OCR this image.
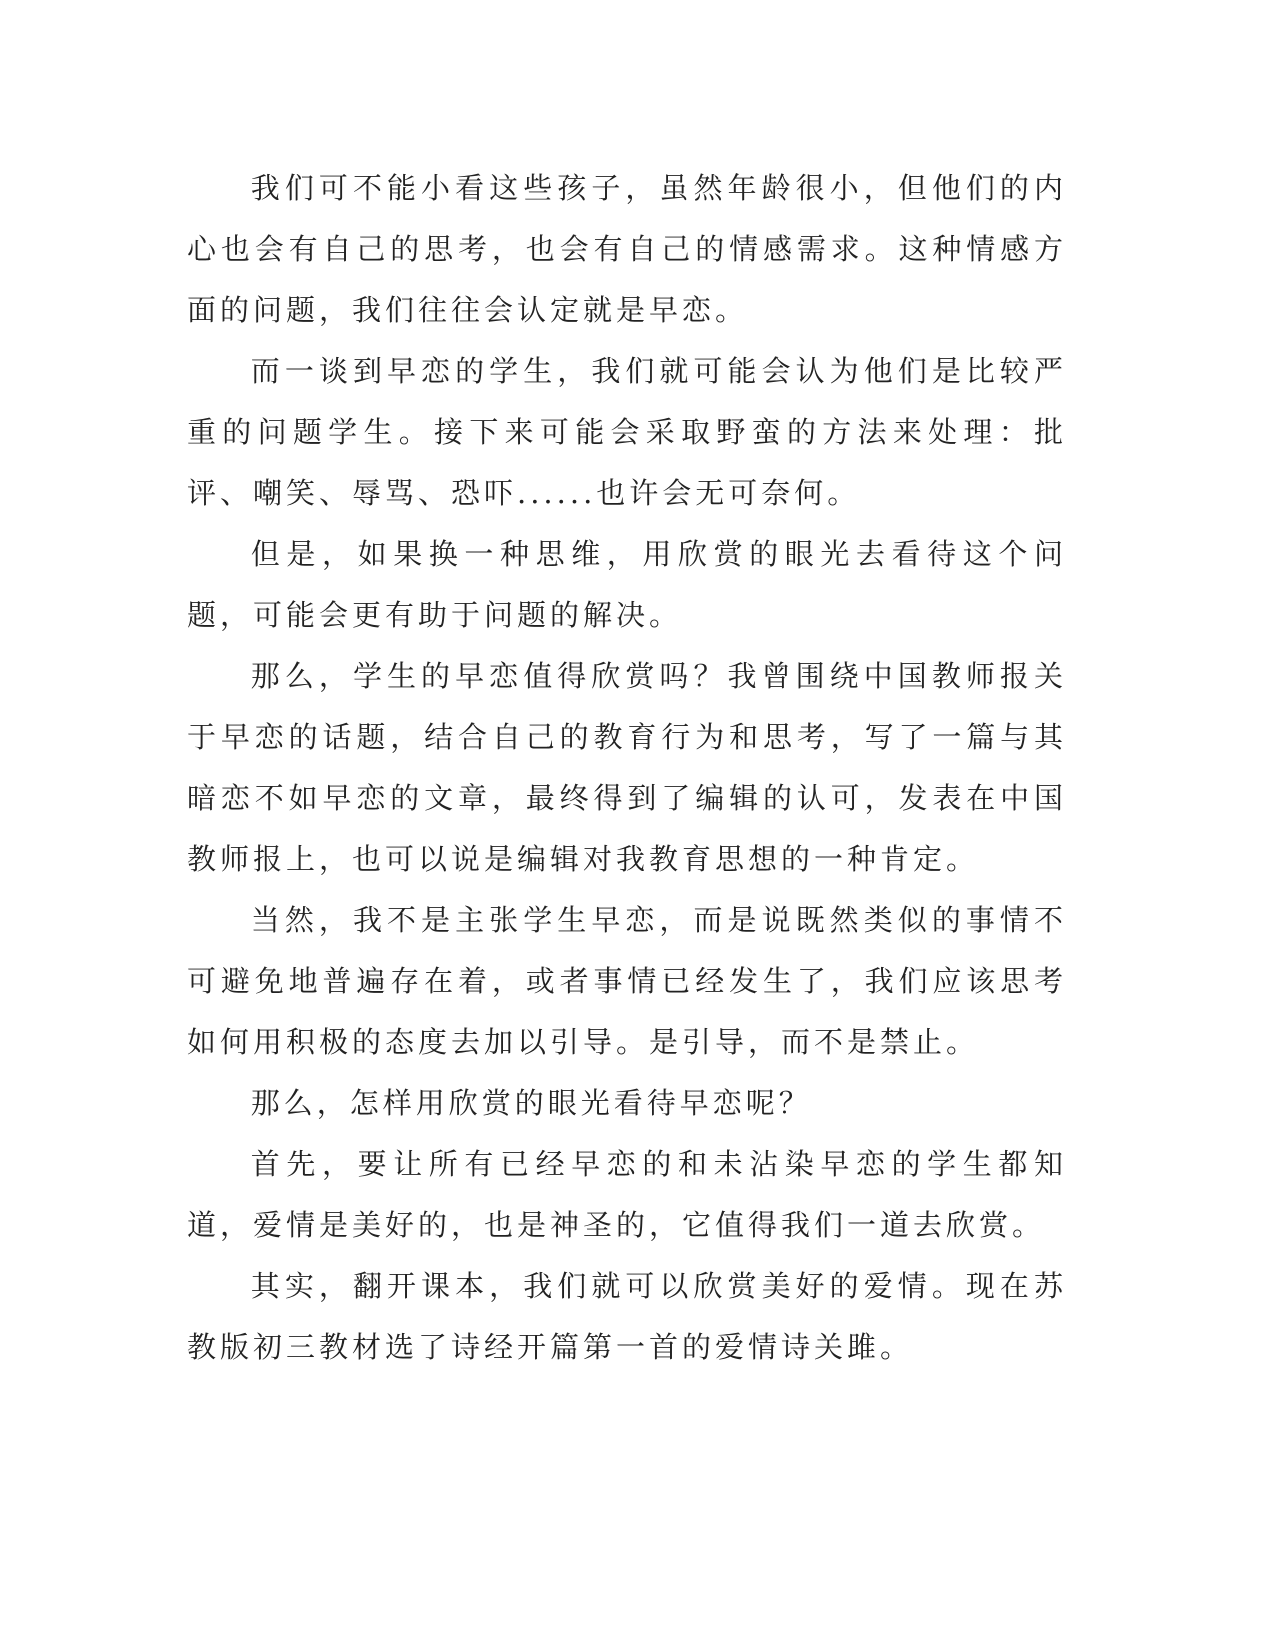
我们可不能小看这些孩子，虽然年龄很小，但他们的内心也会有自己的思考，也会有自己的情感需求。这种情感方面的问题，我们往往会认定就是早恋。

而一谈到早恋的学生，我们就可能会认为他们是比较严重的问题学生。接下来可能会采取野蛮的方法来处理：批评、嘲笑、辱骂、恐吓......也许会无可奈何。

但是，如果换一种思维，用欣赏的眼光去看待这个问题，可能会更有助于问题的解决。

那么，学生的早恋值得欣赏吗？我曾围绕中国教师报关于早恋的话题，结合自己的教育行为和思考，写了一篇与其暗恋不如早恋的文章，最终得到了编辑的认可，发表在中国教师报上，也可以说是编辑对我教育思想的一种肯定。

当然，我不是主张学生早恋，而是说既然类似的事情不可避免地普遍存在着，或者事情已经发生了，我们应该思考如何用积极的态度去加以引导。是引导，而不是禁止。

那么，怎样用欣赏的眼光看待早恋呢？

首先，要让所有已经早恋的和未沾染早恋的学生都知道，爱情是美好的，也是神圣的，它值得我们一道去欣赏。

其实，翻开课本，我们就可以欣赏美好的爱情。现在苏教版初三教材选了诗经开篇第一首的爱情诗关雎。
